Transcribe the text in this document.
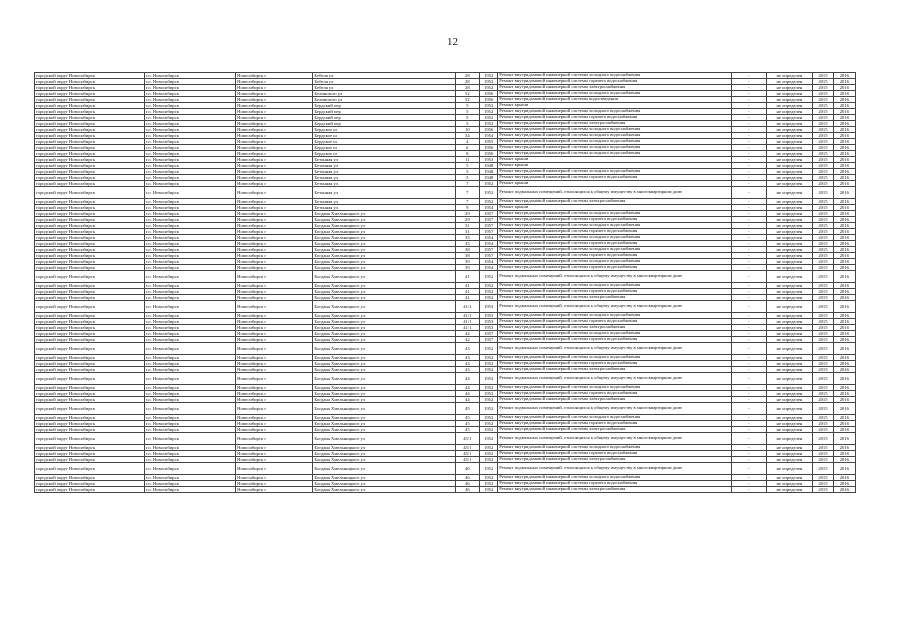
12
городской округ Новосибирск	г.о. Новосибирск	Новосибирск г	Бебеля ул	28	1952	Ремонт внутридомовой инженерной системы холодного водоснабжения	-	не определен	2015	2016
городской округ Новосибирск	г.о. Новосибирск	Новосибирск г	Бебеля ул	28	1952	Ремонт внутридомовой инженерной системы горячего водоснабжения	-	не определен	2015	2016
городской округ Новосибирск	г.о. Новосибирск	Новосибирск г	Бебеля ул	28	1952	Ремонт внутридомовой инженерной системы электроснабжения	-	не определен	2015	2016
городской округ Новосибирск	г.о. Новосибирск	Новосибирск г	Белинского ул	52	1956	Ремонт внутридомовой инженерной системы холодного водоснабжения	-	не определен	2015	2016
городской округ Новосибирск	г.о. Новосибирск	Новосибирск г	Белинского ул	52	1956	Ремонт внутридомовой инженерной системы водоотведения	-	не определен	2015	2016
городской округ Новосибирск	г.о. Новосибирск	Новосибирск г	Бердский пер	5	1952	Ремонт крыши	-	не определен	2015	2016
городской округ Новосибирск	г.о. Новосибирск	Новосибирск г	Бердский пер	5	1952	Ремонт внутридомовой инженерной системы холодного водоснабжения	-	не определен	2015	2016
городской округ Новосибирск	г.о. Новосибирск	Новосибирск г	Бердский пер	5	1952	Ремонт внутридомовой инженерной системы горячего водоснабжения	-	не определен	2015	2016
городской округ Новосибирск	г.о. Новосибирск	Новосибирск г	Бердский пер	5	1952	Ремонт внутридомовой инженерной системы электроснабжения	-	не определен	2015	2016
городской округ Новосибирск	г.о. Новосибирск	Новосибирск г	Бердское ш	10	1956	Ремонт внутридомовой инженерной системы холодного водоснабжения	-	не определен	2015	2016
городской округ Новосибирск	г.о. Новосибирск	Новосибирск г	Бердское ш	34	1954	Ремонт внутридомовой инженерной системы холодного водоснабжения	-	не определен	2015	2016
городской округ Новосибирск	г.о. Новосибирск	Новосибирск г	Бердское ш	4	1955	Ремонт внутридомовой инженерной системы холодного водоснабжения	-	не определен	2015	2016
городской округ Новосибирск	г.о. Новосибирск	Новосибирск г	Бердское ш	6	1956	Ремонт внутридомовой инженерной системы холодного водоснабжения	-	не определен	2015	2016
городской округ Новосибирск	г.о. Новосибирск	Новосибирск г	Бердское ш	8	1956	Ремонт внутридомовой инженерной системы холодного водоснабжения	-	не определен	2015	2016
городской округ Новосибирск	г.о. Новосибирск	Новосибирск г	Бетонная ул	11	1953	Ремонт крыши	-	не определен	2015	2016
городской округ Новосибирск	г.о. Новосибирск	Новосибирск г	Бетонная ул	5	1948	Ремонт крыши	-	не определен	2015	2016
городской округ Новосибирск	г.о. Новосибирск	Новосибирск г	Бетонная ул	5	1948	Ремонт внутридомовой инженерной системы холодного водоснабжения	-	не определен	2015	2016
городской округ Новосибирск	г.о. Новосибирск	Новосибирск г	Бетонная ул	5	1948	Ремонт внутридомовой инженерной системы горячего водоснабжения	-	не определен	2015	2016
городской округ Новосибирск	г.о. Новосибирск	Новосибирск г	Бетонная ул	7	1952	Ремонт крыши	-	не определен	2015	2016
городской округ Новосибирск	г.о. Новосибирск	Новосибирск г	Бетонная ул	7	1952	Ремонт подвальных помещений, относящихся к общему имуществу в многоквартирном доме	-	не определен	2015	2016
городской округ Новосибирск	г.о. Новосибирск	Новосибирск г	Бетонная ул	7	1952	Ремонт внутридомовой инженерной системы электроснабжения	-	не определен	2015	2016
городской округ Новосибирск	г.о. Новосибирск	Новосибирск г	Бетонная ул	9	1954	Ремонт крыши	-	не определен	2015	2016
городской округ Новосибирск	г.о. Новосибирск	Новосибирск г	Богдана Хмельницкого ул	29	1957	Ремонт внутридомовой инженерной системы холодного водоснабжения	-	не определен	2015	2016
городской округ Новосибирск	г.о. Новосибирск	Новосибирск г	Богдана Хмельницкого ул	29	1957	Ремонт внутридомовой инженерной системы горячего водоснабжения	-	не определен	2015	2016
городской округ Новосибирск	г.о. Новосибирск	Новосибирск г	Богдана Хмельницкого ул	31	1957	Ремонт внутридомовой инженерной системы холодного водоснабжения	-	не определен	2015	2016
городской округ Новосибирск	г.о. Новосибирск	Новосибирск г	Богдана Хмельницкого ул	31	1957	Ремонт внутридомовой инженерной системы горячего водоснабжения	-	не определен	2015	2016
городской округ Новосибирск	г.о. Новосибирск	Новосибирск г	Богдана Хмельницкого ул	35	1954	Ремонт внутридомовой инженерной системы холодного водоснабжения	-	не определен	2015	2016
городской округ Новосибирск	г.о. Новосибирск	Новосибирск г	Богдана Хмельницкого ул	35	1954	Ремонт внутридомовой инженерной системы горячего водоснабжения	-	не определен	2015	2016
городской округ Новосибирск	г.о. Новосибирск	Новосибирск г	Богдана Хмельницкого ул	38	1957	Ремонт внутридомовой инженерной системы холодного водоснабжения	-	не определен	2015	2016
городской округ Новосибирск	г.о. Новосибирск	Новосибирск г	Богдана Хмельницкого ул	38	1957	Ремонт внутридомовой инженерной системы горячего водоснабжения	-	не определен	2015	2016
городской округ Новосибирск	г.о. Новосибирск	Новосибирск г	Богдана Хмельницкого ул	39	1954	Ремонт внутридомовой инженерной системы холодного водоснабжения	-	не определен	2015	2016
городской округ Новосибирск	г.о. Новосибирск	Новосибирск г	Богдана Хмельницкого ул	39	1954	Ремонт внутридомовой инженерной системы горячего водоснабжения	-	не определен	2015	2016
городской округ Новосибирск	г.о. Новосибирск	Новосибирск г	Богдана Хмельницкого ул	41	1952	Ремонт подвальных помещений, относящихся к общему имуществу в многоквартирном доме	-	не определен	2015	2016
городской округ Новосибирск	г.о. Новосибирск	Новосибирск г	Богдана Хмельницкого ул	41	1952	Ремонт внутридомовой инженерной системы холодного водоснабжения	-	не определен	2015	2016
городской округ Новосибирск	г.о. Новосибирск	Новосибирск г	Богдана Хмельницкого ул	41	1952	Ремонт внутридомовой инженерной системы горячего водоснабжения	-	не определен	2015	2016
городской округ Новосибирск	г.о. Новосибирск	Новосибирск г	Богдана Хмельницкого ул	41	1952	Ремонт внутридомовой инженерной системы электроснабжения	-	не определен	2015	2016
городской округ Новосибирск	г.о. Новосибирск	Новосибирск г	Богдана Хмельницкого ул	41/1	1953	Ремонт подвальных помещений, относящихся к общему имуществу в многоквартирном доме	-	не определен	2015	2016
городской округ Новосибирск	г.о. Новосибирск	Новосибирск г	Богдана Хмельницкого ул	41/1	1953	Ремонт внутридомовой инженерной системы холодного водоснабжения	-	не определен	2015	2016
городской округ Новосибирск	г.о. Новосибирск	Новосибирск г	Богдана Хмельницкого ул	41/1	1953	Ремонт внутридомовой инженерной системы горячего водоснабжения	-	не определен	2015	2016
городской округ Новосибирск	г.о. Новосибирск	Новосибирск г	Богдана Хмельницкого ул	41/1	1953	Ремонт внутридомовой инженерной системы электроснабжения	-	не определен	2015	2016
городской округ Новосибирск	г.о. Новосибирск	Новосибирск г	Богдана Хмельницкого ул	42	1957	Ремонт внутридомовой инженерной системы холодного водоснабжения	-	не определен	2015	2016
городской округ Новосибирск	г.о. Новосибирск	Новосибирск г	Богдана Хмельницкого ул	42	1957	Ремонт внутридомовой инженерной системы горячего водоснабжения	-	не определен	2015	2016
городской округ Новосибирск	г.о. Новосибирск	Новосибирск г	Богдана Хмельницкого ул	43	1952	Ремонт подвальных помещений, относящихся к общему имуществу в многоквартирном доме	-	не определен	2015	2016
городской округ Новосибирск	г.о. Новосибирск	Новосибирск г	Богдана Хмельницкого ул	43	1952	Ремонт внутридомовой инженерной системы холодного водоснабжения	-	не определен	2015	2016
городской округ Новосибирск	г.о. Новосибирск	Новосибирск г	Богдана Хмельницкого ул	43	1952	Ремонт внутридомовой инженерной системы горячего водоснабжения	-	не определен	2015	2016
городской округ Новосибирск	г.о. Новосибирск	Новосибирск г	Богдана Хмельницкого ул	43	1952	Ремонт внутридомовой инженерной системы электроснабжения	-	не определен	2015	2016
городской округ Новосибирск	г.о. Новосибирск	Новосибирск г	Богдана Хмельницкого ул	44	1952	Ремонт подвальных помещений, относящихся к общему имуществу в многоквартирном доме	-	не определен	2015	2016
городской округ Новосибирск	г.о. Новосибирск	Новосибирск г	Богдана Хмельницкого ул	44	1952	Ремонт внутридомовой инженерной системы холодного водоснабжения	-	не определен	2015	2016
городской округ Новосибирск	г.о. Новосибирск	Новосибирск г	Богдана Хмельницкого ул	44	1952	Ремонт внутридомовой инженерной системы горячего водоснабжения	-	не определен	2015	2016
городской округ Новосибирск	г.о. Новосибирск	Новосибирск г	Богдана Хмельницкого ул	44	1952	Ремонт внутридомовой инженерной системы электроснабжения	-	не определен	2015	2016
городской округ Новосибирск	г.о. Новосибирск	Новосибирск г	Богдана Хмельницкого ул	45	1952	Ремонт подвальных помещений, относящихся к общему имуществу в многоквартирном доме	-	не определен	2015	2016
городской округ Новосибирск	г.о. Новосибирск	Новосибирск г	Богдана Хмельницкого ул	45	1952	Ремонт внутридомовой инженерной системы холодного водоснабжения	-	не определен	2015	2016
городской округ Новосибирск	г.о. Новосибирск	Новосибирск г	Богдана Хмельницкого ул	45	1952	Ремонт внутридомовой инженерной системы горячего водоснабжения	-	не определен	2015	2016
городской округ Новосибирск	г.о. Новосибирск	Новосибирск г	Богдана Хмельницкого ул	45	1952	Ремонт внутридомовой инженерной системы электроснабжения	-	не определен	2015	2016
городской округ Новосибирск	г.о. Новосибирск	Новосибирск г	Богдана Хмельницкого ул	45/1	1952	Ремонт подвальных помещений, относящихся к общему имуществу в многоквартирном доме	-	не определен	2015	2016
городской округ Новосибирск	г.о. Новосибирск	Новосибирск г	Богдана Хмельницкого ул	45/1	1952	Ремонт внутридомовой инженерной системы холодного водоснабжения	-	не определен	2015	2016
городской округ Новосибирск	г.о. Новосибирск	Новосибирск г	Богдана Хмельницкого ул	45/1	1952	Ремонт внутридомовой инженерной системы горячего водоснабжения	-	не определен	2015	2016
городской округ Новосибирск	г.о. Новосибирск	Новосибирск г	Богдана Хмельницкого ул	45/1	1952	Ремонт внутридомовой инженерной системы электроснабжения	-	не определен	2015	2016
городской округ Новосибирск	г.о. Новосибирск	Новосибирск г	Богдана Хмельницкого ул	46	1952	Ремонт подвальных помещений, относящихся к общему имуществу в многоквартирном доме	-	не определен	2015	2016
городской округ Новосибирск	г.о. Новосибирск	Новосибирск г	Богдана Хмельницкого ул	46	1952	Ремонт внутридомовой инженерной системы холодного водоснабжения	-	не определен	2015	2016
городской округ Новосибирск	г.о. Новосибирск	Новосибирск г	Богдана Хмельницкого ул	46	1952	Ремонт внутридомовой инженерной системы горячего водоснабжения	-	не определен	2015	2016
городской округ Новосибирск	г.о. Новосибирск	Новосибирск г	Богдана Хмельницкого ул	46	1952	Ремонт внутридомовой инженерной системы электроснабжения	-	не определен	2015	2016
